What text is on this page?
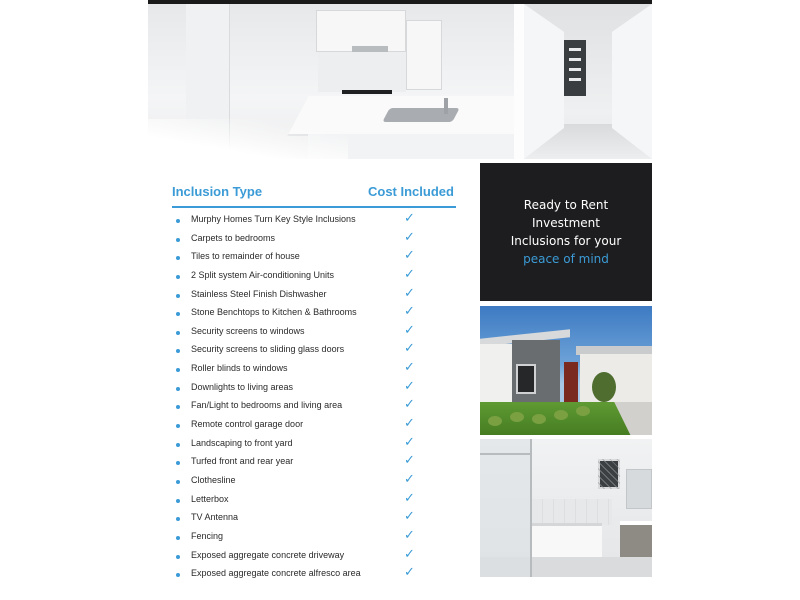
Inclusion Type	Cost Included
Murphy Homes Turn Key Style Inclusions	✓
Carpets to bedrooms	✓
Tiles to remainder of house	✓
2 Split system Air-conditioning Units	✓
Stainless Steel Finish Dishwasher	✓
Stone Benchtops to Kitchen & Bathrooms	✓
Security screens to windows	✓
Security screens to sliding glass doors	✓
Roller blinds to windows	✓
Downlights to living areas	✓
Fan/Light to bedrooms and living area	✓
Remote control garage door	✓
Landscaping to front yard	✓
Turfed front and rear year	✓
Clothesline	✓
Letterbox	✓
TV Antenna	✓
Fencing	✓
Exposed aggregate concrete driveway	✓
Exposed aggregate concrete alfresco area	✓
Ready to Rent
Investment
Inclusions for your
peace of mind
